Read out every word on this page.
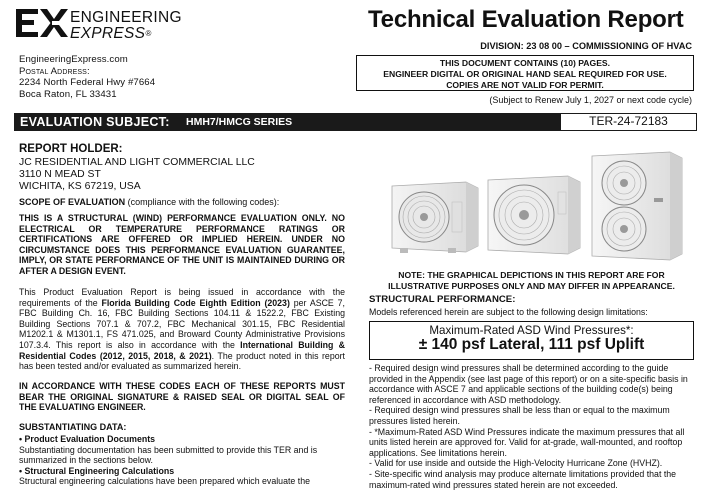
ENGINEERING
EXPRESS®
EngineeringExpress.com
Postal Address:
2234 North Federal Hwy #7664
Boca Raton, FL 33431
Technical Evaluation Report
DIVISION: 23 08 00 – COMMISSIONING OF HVAC
THIS DOCUMENT CONTAINS (10) PAGES.
ENGINEER DIGITAL OR ORIGINAL HAND SEAL REQUIRED FOR USE.
COPIES ARE NOT VALID FOR PERMIT.
(Subject to Renew July 1, 2027 or next code cycle)
EVALUATION SUBJECT: HMH7/HMCG SERIES	TER-24-72183
REPORT HOLDER:
JC RESIDENTIAL AND LIGHT COMMERCIAL LLC
3110 N MEAD ST
WICHITA, KS 67219, USA
SCOPE OF EVALUATION (compliance with the following codes):
THIS IS A STRUCTURAL (WIND) PERFORMANCE EVALUATION ONLY. NO ELECTRICAL OR TEMPERATURE PERFORMANCE RATINGS OR CERTIFICATIONS ARE OFFERED OR IMPLIED HEREIN. UNDER NO CIRCUMSTANCE DOES THIS PERFORMANCE EVALUATION GUARANTEE, IMPLY, OR STATE PERFORMANCE OF THE UNIT IS MAINTAINED DURING OR AFTER A DESIGN EVENT.
This Product Evaluation Report is being issued in accordance with the requirements of the Florida Building Code Eighth Edition (2023) per ASCE 7, FBC Building Ch. 16, FBC Building Sections 104.11 & 1522.2, FBC Existing Building Sections 707.1 & 707.2, FBC Mechanical 301.15, FBC Residential M1202.1 & M1301.1, FS 471.025, and Broward County Administrative Provisions 107.3.4. This report is also in accordance with the International Building & Residential Codes (2012, 2015, 2018, & 2021). The product noted in this report has been tested and/or evaluated as summarized herein.
IN ACCORDANCE WITH THESE CODES EACH OF THESE REPORTS MUST BEAR THE ORIGINAL SIGNATURE & RAISED SEAL OR DIGITAL SEAL OF THE EVALUATING ENGINEER.
SUBSTANTIATING DATA:
• Product Evaluation Documents
Substantiating documentation has been submitted to provide this TER and is summarized in the sections below.
• Structural Engineering Calculations
Structural engineering calculations have been prepared which evaluate the
NOTE: THE GRAPHICAL DEPICTIONS IN THIS REPORT ARE FOR ILLUSTRATIVE PURPOSES ONLY AND MAY DIFFER IN APPEARANCE.
STRUCTURAL PERFORMANCE:
Models referenced herein are subject to the following design limitations:
Maximum-Rated ASD Wind Pressures*:
± 140 psf Lateral, 111 psf Uplift
- Required design wind pressures shall be determined according to the guide provided in the Appendix (see last page of this report) or on a site-specific basis in accordance with ASCE 7 and applicable sections of the building code(s) being referenced in accordance with ASD methodology.
- Required design wind pressures shall be less than or equal to the maximum pressures listed herein.
- *Maximum-Rated ASD Wind Pressures indicate the maximum pressures that all units listed herein are approved for. Valid for at-grade, wall-mounted, and rooftop applications. See limitations herein.
- Valid for use inside and outside the High-Velocity Hurricane Zone (HVHZ).
- Site-specific wind analysis may produce alternate limitations provided that the maximum-rated wind pressures stated herein are not exceeded.
